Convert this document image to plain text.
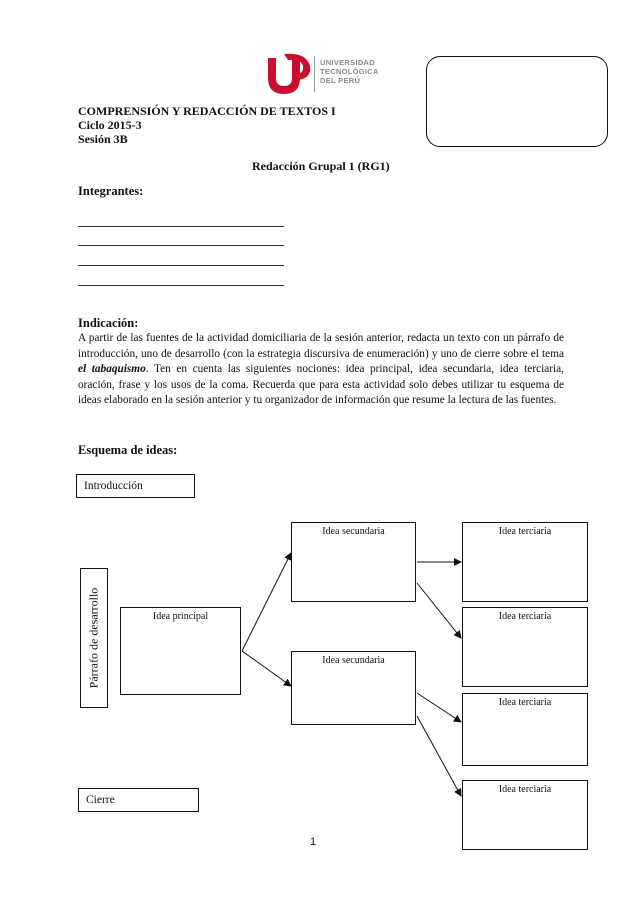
UNIVERSIDAD
TECNOLÓGICA
DEL PERÚ
COMPRENSIÓN Y REDACCIÓN DE TEXTOS I
Ciclo 2015-3
Sesión 3B
Redacción Grupal 1 (RG1)
Integrantes:
Indicación:
A partir de las fuentes de la actividad domiciliaria de la sesión anterior, redacta un texto con un párrafo de introducción, uno de desarrollo (con la estrategia discursiva de enumeración) y uno de cierre sobre el tema el tabaquismo. Ten en cuenta las siguientes nociones: idea principal, idea secundaria, idea terciaria, oración, frase y los usos de la coma. Recuerda que para esta actividad solo debes utilizar tu esquema de ideas elaborado en la sesión anterior y tu organizador de información que resume la lectura de las fuentes.
Esquema de ideas:
Introducción
Párrafo de desarrollo	Idea principal
Idea secundaria
Idea secundaria
Idea terciaria
Idea terciaria
Idea terciaria
Idea terciaria
Cierre
1
